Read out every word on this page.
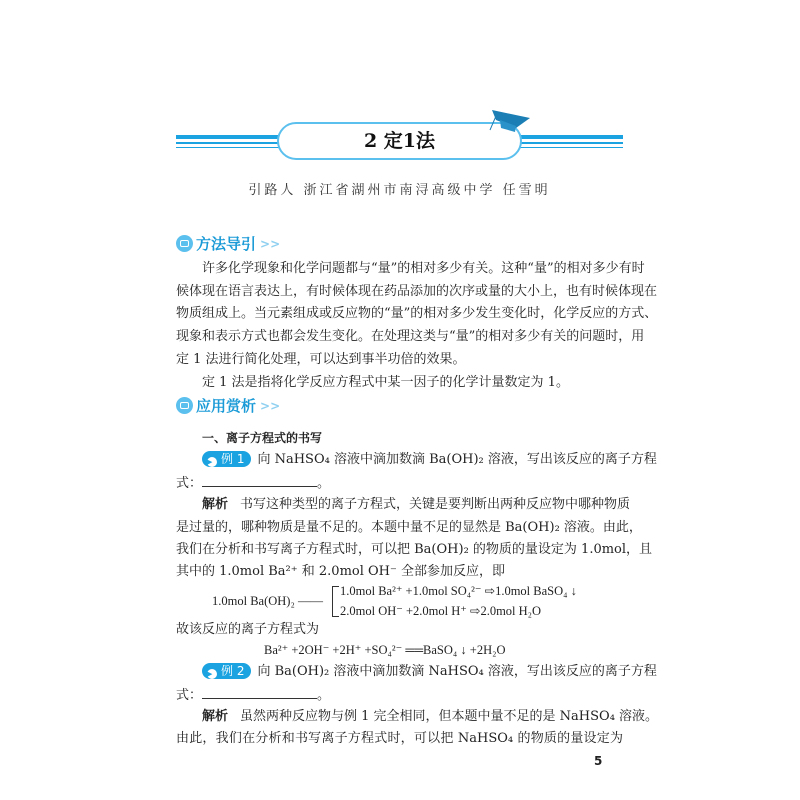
2 定1法
引路人 浙江省湖州市南浔高级中学 任雪明
方法导引 >>
许多化学现象和化学问题都与“量”的相对多少有关。这种“量”的相对多少有时
候体现在语言表达上，有时候体现在药品添加的次序或量的大小上，也有时候体现在
物质组成上。当元素组成或反应物的“量”的相对多少发生变化时，化学反应的方式、
现象和表示方式也都会发生变化。在处理这类与“量”的相对多少有关的问题时，用
定 1 法进行简化处理，可以达到事半功倍的效果。
定 1 法是指将化学反应方程式中某一因子的化学计量数定为 1。
应用赏析 >>
一、离子方程式的书写
▶ 例 1 向 NaHSO₄ 溶液中滴加数滴 Ba(OH)₂ 溶液，写出该反应的离子方程
式：	。
解析 书写这种类型的离子方程式，关键是要判断出两种反应物中哪种物质
是过量的，哪种物质是量不足的。本题中量不足的显然是 Ba(OH)₂ 溶液。由此，
我们在分析和书写离子方程式时，可以把 Ba(OH)₂ 的物质的量设定为 1.0mol，且
其中的 1.0mol Ba²⁺ 和 2.0mol OH⁻ 全部参加反应，即
1.0mol Ba(OH)₂ ——
1.0mol Ba²⁺ +1.0mol SO₄²⁻ ⇨1.0mol BaSO₄ ↓
2.0mol OH⁻ +2.0mol H⁺ ⇨2.0mol H₂O
故该反应的离子方程式为
Ba²⁺ +2OH⁻ +2H⁺ +SO₄²⁻ ══BaSO₄ ↓ +2H₂O
▶ 例 2 向 Ba(OH)₂ 溶液中滴加数滴 NaHSO₄ 溶液，写出该反应的离子方程
式：	。
解析 虽然两种反应物与例 1 完全相同，但本题中量不足的是 NaHSO₄ 溶液。
由此，我们在分析和书写离子方程式时，可以把 NaHSO₄ 的物质的量设定为
5
